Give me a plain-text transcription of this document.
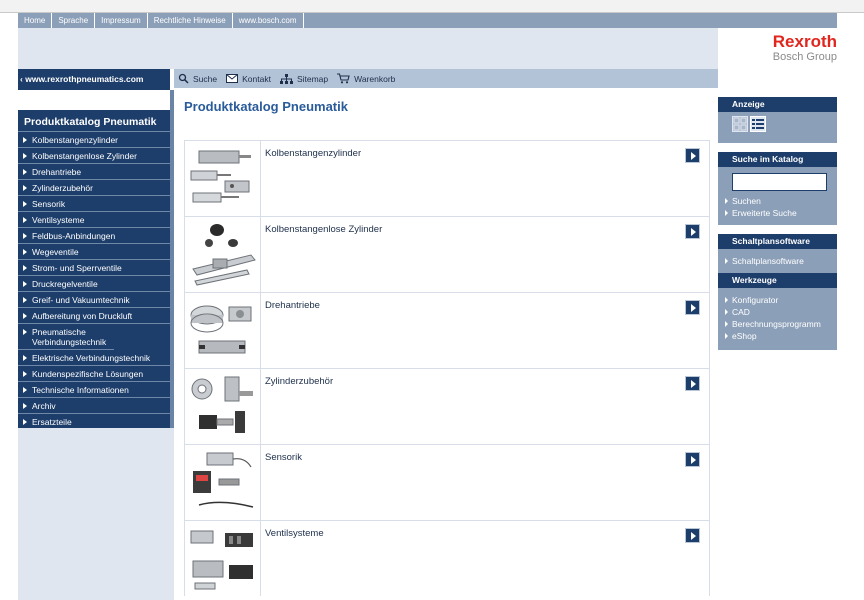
Home	Sprache	Impressum	Rechtliche Hinweise	www.bosch.com
Rexroth
Bosch Group
‹ www.rexrothpneumatics.com
Produktkatalog Pneumatik
Kolbenstangenzylinder
Kolbenstangenlose Zylinder
Drehantriebe
Zylinderzubehör
Sensorik
Ventilsysteme
Feldbus-Anbindungen
Wegeventile
Strom- und Sperrventile
Druckregelventile
Greif- und Vakuumtechnik
Aufbereitung von Druckluft
Pneumatische Verbindungstechnik
Elektrische Verbindungstechnik
Kundenspezifische Lösungen
Technische Informationen
Archiv
Ersatzteile
Suche	Kontakt	Sitemap	Warenkorb
Produktkatalog Pneumatik
Kolbenstangenzylinder
Kolbenstangenlose Zylinder
Drehantriebe
Zylinderzubehör
Sensorik
Ventilsysteme
Anzeige
Suche im Katalog
Suchen
Erweiterte Suche
Schaltplansoftware
Schaltplansoftware
Werkzeuge
Konfigurator
CAD
Berechnungsprogramm
eShop
